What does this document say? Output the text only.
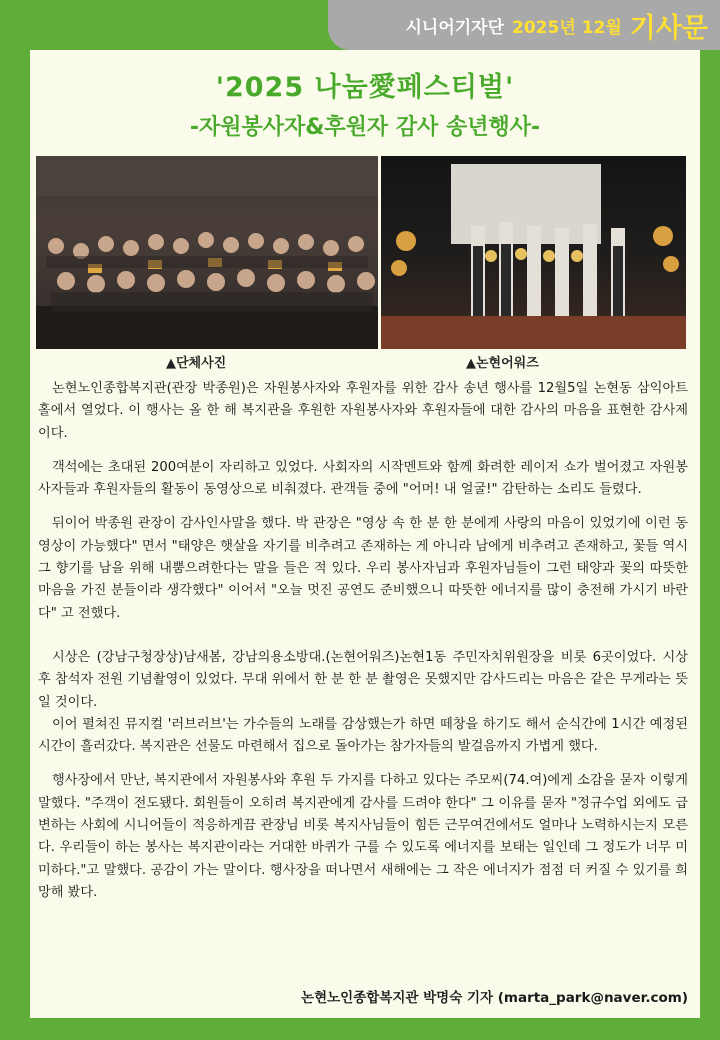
시니어기자단 2025년 12월 기사문
'2025 나눔愛페스티벌'
-자원봉사자&후원자 감사 송년행사-
▲단체사진	▲논현어워즈

논현노인종합복지관(관장 박종원)은 자원봉사자와 후원자를 위한 감사 송년 행사를 12월5일 논현동 삼익아트홀에서 열었다. 이 행사는 올 한 해 복지관을 후원한 자원봉사자와 후원자들에 대한 감사의 마음을 표현한 감사제이다.

객석에는 초대된 200여분이 자리하고 있었다. 사회자의 시작멘트와 함께 화려한 레이저 쇼가 벌어졌고 자원봉사자들과 후원자들의 활동이 동영상으로 비춰졌다. 관객들 중에 "어머! 내 얼굴!" 감탄하는 소리도 들렸다.

뒤이어 박종원 관장이 감사인사말을 했다. 박 관장은 "영상 속 한 분 한 분에게 사랑의 마음이 있었기에 이런 동영상이 가능했다" 면서 "태양은 햇살을 자기를 비추려고 존재하는 게 아니라 남에게 비추려고 존재하고, 꽃들 역시 그 향기를 남을 위해 내뿜으려한다는 말을 들은 적 있다. 우리 봉사자님과 후원자님들이 그런 태양과 꽃의 따뜻한 마음을 가진 분들이라 생각했다" 이어서 "오늘 멋진 공연도 준비했으니 따뜻한 에너지를 많이 충전해 가시기 바란다" 고 전했다.

시상은 (강남구청장상)남새봄, 강남의용소방대.(논현어워즈)논현1동 주민자치위원장을 비롯 6곳이었다. 시상 후 참석자 전원 기념촬영이 있었다. 무대 위에서 한 분 한 분 촬영은 못했지만 감사드리는 마음은 같은 무게라는 뜻일 것이다.

이어 펼쳐진 뮤지컬 '러브러브'는 가수들의 노래를 감상했는가 하면 떼창을 하기도 해서 순식간에 1시간 예정된 시간이 흘러갔다. 복지관은 선물도 마련해서 집으로 돌아가는 참가자들의 발걸음까지 가볍게 했다.

행사장에서 만난, 복지관에서 자원봉사와 후원 두 가지를 다하고 있다는 주모씨(74.여)에게 소감을 묻자 이렇게 말했다. "주객이 전도됐다. 회원들이 오히려 복지관에게 감사를 드려야 한다" 그 이유를 묻자 "정규수업 외에도 급변하는 사회에 시니어들이 적응하게끔 관장님 비롯 복지사님들이 힘든 근무여건에서도 얼마나 노력하시는지 모른다. 우리들이 하는 봉사는 복지관이라는 거대한 바퀴가 구를 수 있도록 에너지를 보태는 일인데 그 정도가 너무 미미하다."고 말했다. 공감이 가는 말이다. 행사장을 떠나면서 새해에는 그 작은 에너지가 점점 더 커질 수 있기를 희망해 봤다.

논현노인종합복지관 박명숙 기자 (marta_park@naver.com)
